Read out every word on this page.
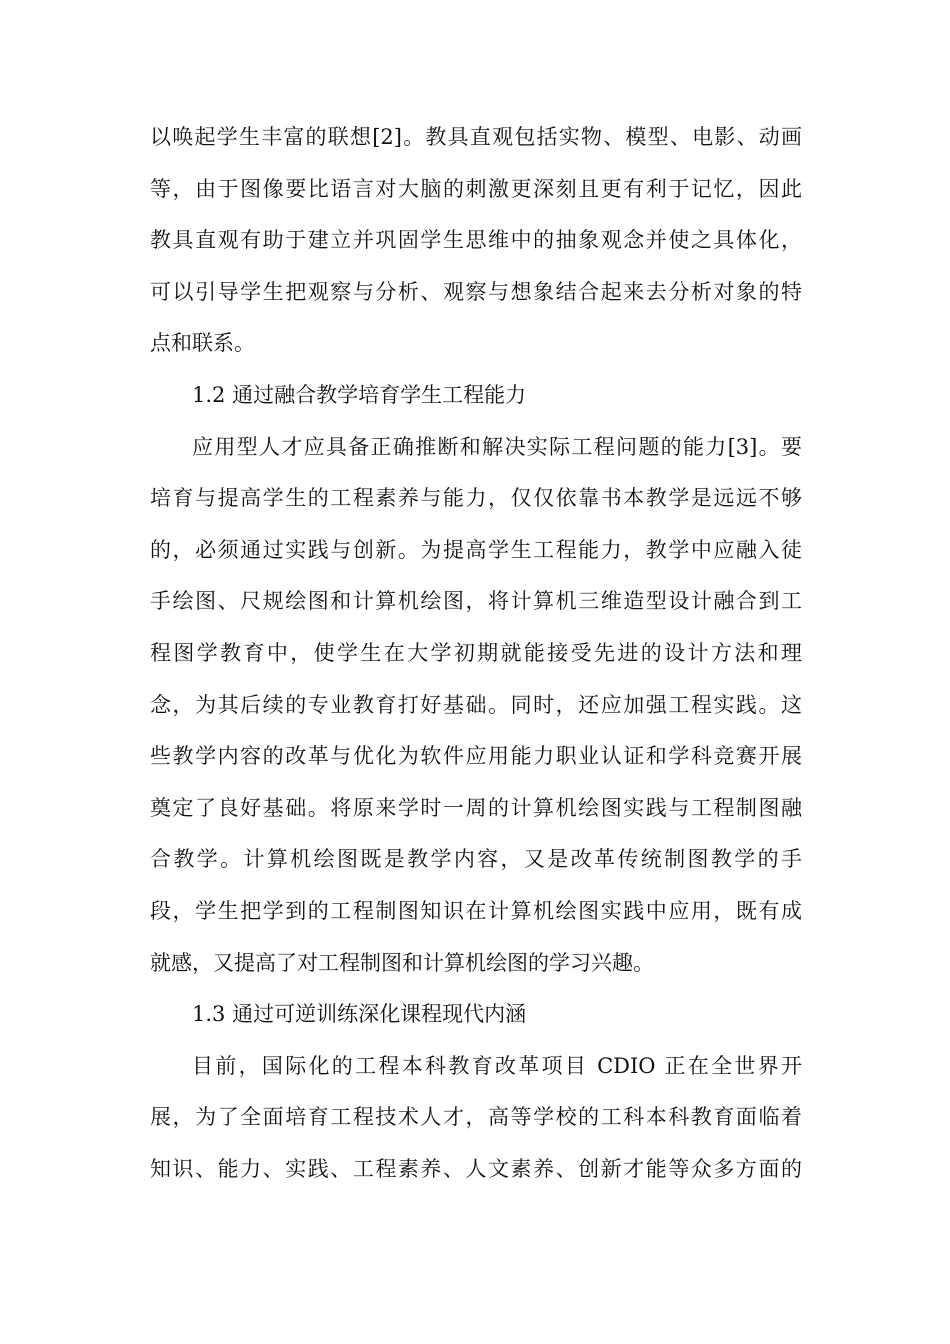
以唤起学生丰富的联想[2]。教具直观包括实物、模型、电影、动画
等，由于图像要比语言对大脑的刺激更深刻且更有利于记忆，因此
教具直观有助于建立并巩固学生思维中的抽象观念并使之具体化，
可以引导学生把观察与分析、观察与想象结合起来去分析对象的特
点和联系。
1.2 通过融合教学培育学生工程能力
应用型人才应具备正确推断和解决实际工程问题的能力[3]。要
培育与提高学生的工程素养与能力，仅仅依靠书本教学是远远不够
的，必须通过实践与创新。为提高学生工程能力，教学中应融入徒
手绘图、尺规绘图和计算机绘图，将计算机三维造型设计融合到工
程图学教育中，使学生在大学初期就能接受先进的设计方法和理
念，为其后续的专业教育打好基础。同时，还应加强工程实践。这
些教学内容的改革与优化为软件应用能力职业认证和学科竞赛开展
奠定了良好基础。将原来学时一周的计算机绘图实践与工程制图融
合教学。计算机绘图既是教学内容，又是改革传统制图教学的手
段，学生把学到的工程制图知识在计算机绘图实践中应用，既有成
就感，又提高了对工程制图和计算机绘图的学习兴趣。
1.3 通过可逆训练深化课程现代内涵
目前，国际化的工程本科教育改革项目 CDIO 正在全世界开
展，为了全面培育工程技术人才，高等学校的工科本科教育面临着
知识、能力、实践、工程素养、人文素养、创新才能等众多方面的
